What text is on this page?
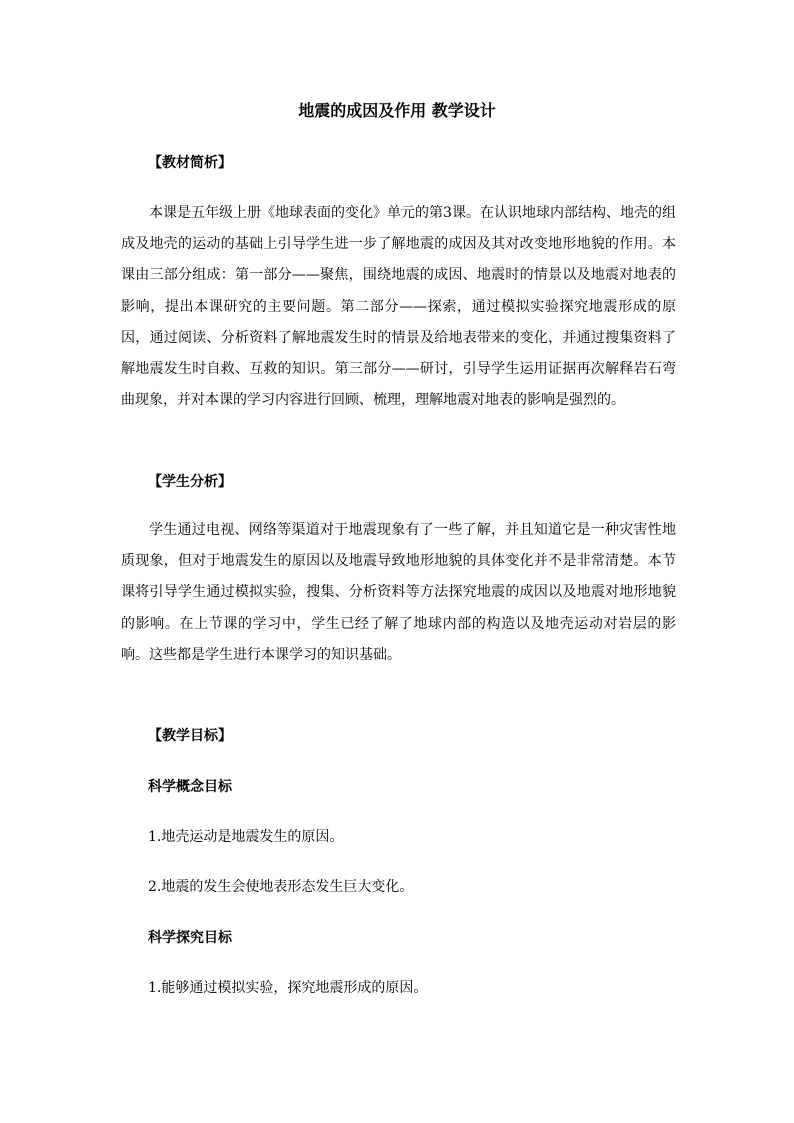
地震的成因及作用 教学设计
【教材简析】
本课是五年级上册《地球表面的变化》单元的第3课。在认识地球内部结构、地壳的组成及地壳的运动的基础上引导学生进一步了解地震的成因及其对改变地形地貌的作用。本课由三部分组成：第一部分——聚焦，围绕地震的成因、地震时的情景以及地震对地表的影响，提出本课研究的主要问题。第二部分——探索，通过模拟实验探究地震形成的原因，通过阅读、分析资料了解地震发生时的情景及给地表带来的变化，并通过搜集资料了解地震发生时自救、互救的知识。第三部分——研讨，引导学生运用证据再次解释岩石弯曲现象，并对本课的学习内容进行回顾、梳理，理解地震对地表的影响是强烈的。
【学生分析】
学生通过电视、网络等渠道对于地震现象有了一些了解，并且知道它是一种灾害性地质现象，但对于地震发生的原因以及地震导致地形地貌的具体变化并不是非常清楚。本节课将引导学生通过模拟实验，搜集、分析资料等方法探究地震的成因以及地震对地形地貌的影响。在上节课的学习中，学生已经了解了地球内部的构造以及地壳运动对岩层的影响。这些都是学生进行本课学习的知识基础。
【教学目标】
科学概念目标
1.地壳运动是地震发生的原因。
2.地震的发生会使地表形态发生巨大变化。
科学探究目标
1.能够通过模拟实验，探究地震形成的原因。
